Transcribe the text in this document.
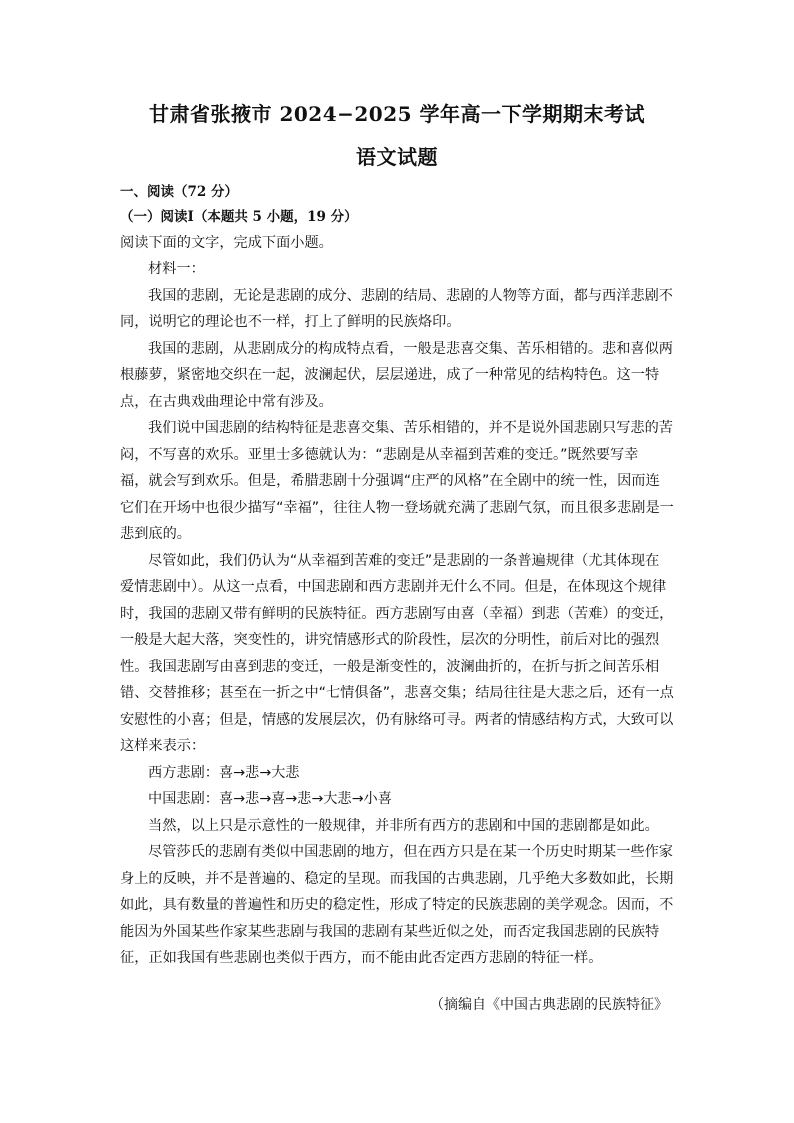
甘肃省张掖市 2024−2025 学年高一下学期期末考试
语文试题
一、阅读（72 分）
（一）阅读Ⅰ（本题共 5 小题，19 分）
阅读下面的文字，完成下面小题。
材料一：
我国的悲剧，无论是悲剧的成分、悲剧的结局、悲剧的人物等方面，都与西洋悲剧不
同，说明它的理论也不一样，打上了鲜明的民族烙印。
我国的悲剧，从悲剧成分的构成特点看，一般是悲喜交集、苦乐相错的。悲和喜似两
根藤萝，紧密地交织在一起，波澜起伏，层层递进，成了一种常见的结构特色。这一特
点，在古典戏曲理论中常有涉及。
我们说中国悲剧的结构特征是悲喜交集、苦乐相错的，并不是说外国悲剧只写悲的苦
闷，不写喜的欢乐。亚里士多德就认为：“悲剧是从幸福到苦难的变迁。”既然要写幸
福，就会写到欢乐。但是，希腊悲剧十分强调“庄严的风格”在全剧中的统一性，因而连
它们在开场中也很少描写“幸福”，往往人物一登场就充满了悲剧气氛，而且很多悲剧是一
悲到底的。
尽管如此，我们仍认为“从幸福到苦难的变迁”是悲剧的一条普遍规律（尤其体现在
爱情悲剧中）。从这一点看，中国悲剧和西方悲剧并无什么不同。但是，在体现这个规律
时，我国的悲剧又带有鲜明的民族特征。西方悲剧写由喜（幸福）到悲（苦难）的变迁，
一般是大起大落，突变性的，讲究情感形式的阶段性，层次的分明性，前后对比的强烈
性。我国悲剧写由喜到悲的变迁，一般是渐变性的，波澜曲折的，在折与折之间苦乐相
错、交替推移；甚至在一折之中“七情俱备”，悲喜交集；结局往往是大悲之后，还有一点
安慰性的小喜；但是，情感的发展层次，仍有脉络可寻。两者的情感结构方式，大致可以
这样来表示：
西方悲剧：喜→悲→大悲
中国悲剧：喜→悲→喜→悲→大悲→小喜
当然，以上只是示意性的一般规律，并非所有西方的悲剧和中国的悲剧都是如此。
尽管莎氏的悲剧有类似中国悲剧的地方，但在西方只是在某一个历史时期某一些作家
身上的反映，并不是普遍的、稳定的呈现。而我国的古典悲剧，几乎绝大多数如此，长期
如此，具有数量的普遍性和历史的稳定性，形成了特定的民族悲剧的美学观念。因而，不
能因为外国某些作家某些悲剧与我国的悲剧有某些近似之处，而否定我国悲剧的民族特
征，正如我国有些悲剧也类似于西方，而不能由此否定西方悲剧的特征一样。
（摘编自《中国古典悲剧的民族特征》
